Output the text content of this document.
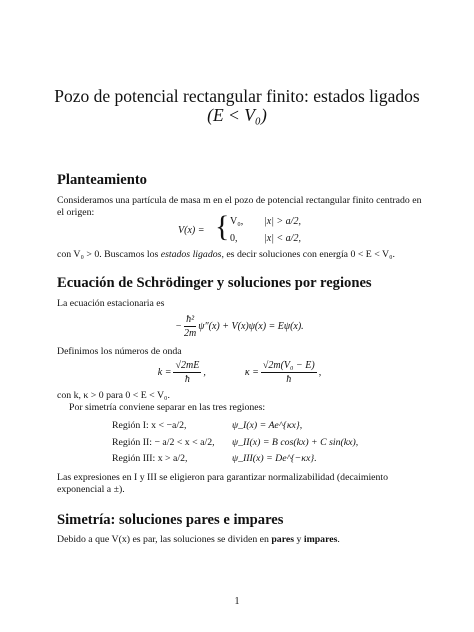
Pozo de potencial rectangular finito: estados ligados
(E < V₀)
Planteamiento
Consideramos una partícula de masa m en el pozo de potencial rectangular finito centrado en el origen:
V(x) = { V₀, |x| > a/2,
0,	|x| < a/2,
con V₀ > 0. Buscamos los estados ligados, es decir soluciones con energía 0 < E < V₀.
Ecuación de Schrödinger y soluciones por regiones
La ecuación estacionaria es
− $\frac{\text{ħ²}}{2m} \psi''(x) + V(x)\psi(x) = E\psi(x)$.
Definimos los números de onda
$k = \frac{√2mE}{ħ}$ ,	$\kappa = \frac{\text{√2m(V₀ − E)}}{ħ}$ ,
con k, κ > 0 para 0 < E < V₀.
Por simetría conviene separar en las tres regiones:
Región I: x < −a/2,	ψ_I(x) = Ae^{κx},
Región II: − a/2 < x < a/2, ψ_II(x) = B cos(kx) + C sin(kx),
Región III: x > a/2,	ψ_III(x) = De^{−κx}.
Las expresiones en I y III se eligieron para garantizar normalizabilidad (decaimiento exponencial a ±).
Simetría: soluciones pares e impares
Debido a que V(x) es par, las soluciones se dividen en pares y impares.
1
